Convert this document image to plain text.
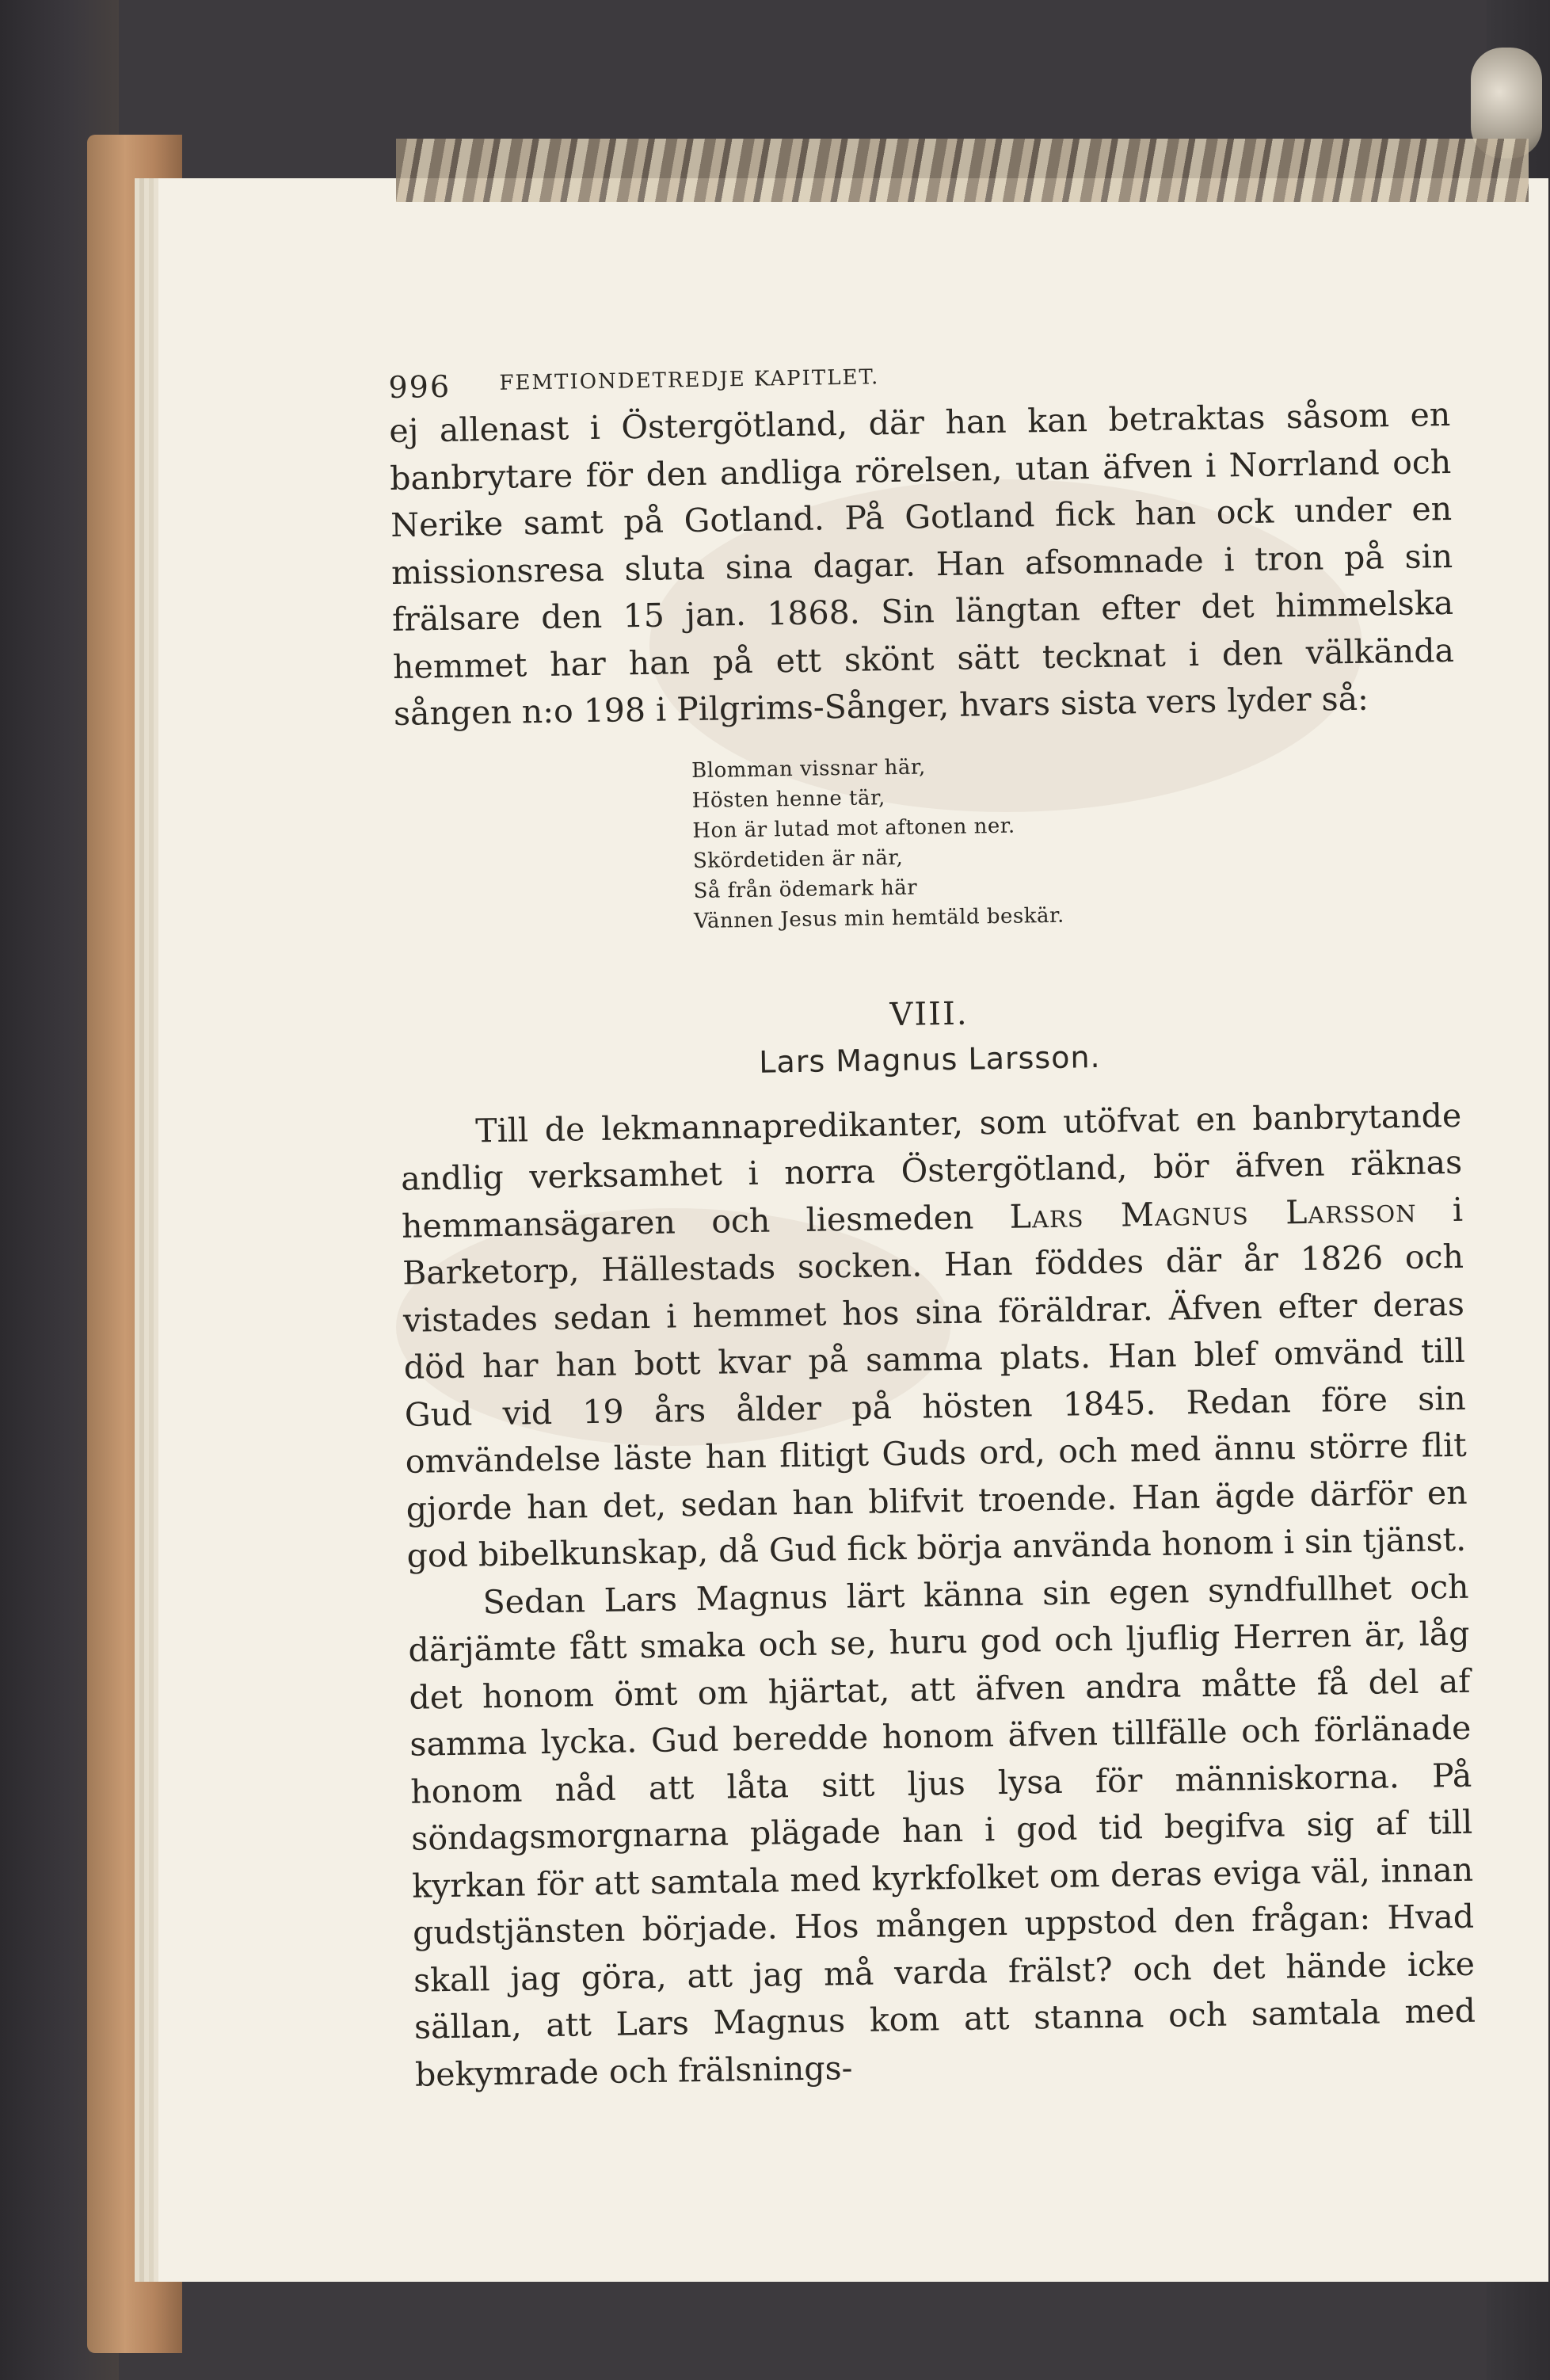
996 FEMTIONDETREDJE KAPITLET.

ej allenast i Östergötland, där han kan betraktas såsom en banbrytare för den andliga rörelsen, utan äfven i Norrland och Nerike samt på Gotland. På Gotland fick han ock under en missionsresa sluta sina dagar. Han afsomnade i tron på sin frälsare den 15 jan. 1868. Sin längtan efter det himmelska hemmet har han på ett skönt sätt tecknat i den välkända sången n:o 198 i Pilgrims-Sånger, hvars sista vers lyder så:

Blomman vissnar här,
Hösten henne tär,
Hon är lutad mot aftonen ner.
Skördetiden är när,
Så från ödemark här
Vännen Jesus min hemtäld beskär.
VIII.
Lars Magnus Larsson.

Till de lekmannapredikanter, som utöfvat en banbrytande andlig verksamhet i norra Östergötland, bör äfven räknas hemmansägaren och liesmeden Lars Magnus Larsson i Barketorp, Hällestads socken. Han föddes där år 1826 och vistades sedan i hemmet hos sina föräldrar. Äfven efter deras död har han bott kvar på samma plats. Han blef omvänd till Gud vid 19 års ålder på hösten 1845. Redan före sin omvändelse läste han flitigt Guds ord, och med ännu större flit gjorde han det, sedan han blifvit troende. Han ägde därför en god bibelkunskap, då Gud fick börja använda honom i sin tjänst.

Sedan Lars Magnus lärt känna sin egen syndfullhet och därjämte fått smaka och se, huru god och ljuflig Herren är, låg det honom ömt om hjärtat, att äfven andra måtte få del af samma lycka. Gud beredde honom äfven tillfälle och förlänade honom nåd att låta sitt ljus lysa för människorna. På söndagsmorgnarna plägade han i god tid begifva sig af till kyrkan för att samtala med kyrkfolket om deras eviga väl, innan gudstjänsten började. Hos mången uppstod den frågan: Hvad skall jag göra, att jag må varda frälst? och det hände icke sällan, att Lars Magnus kom att stanna och samtala med bekymrade och frälsnings-
